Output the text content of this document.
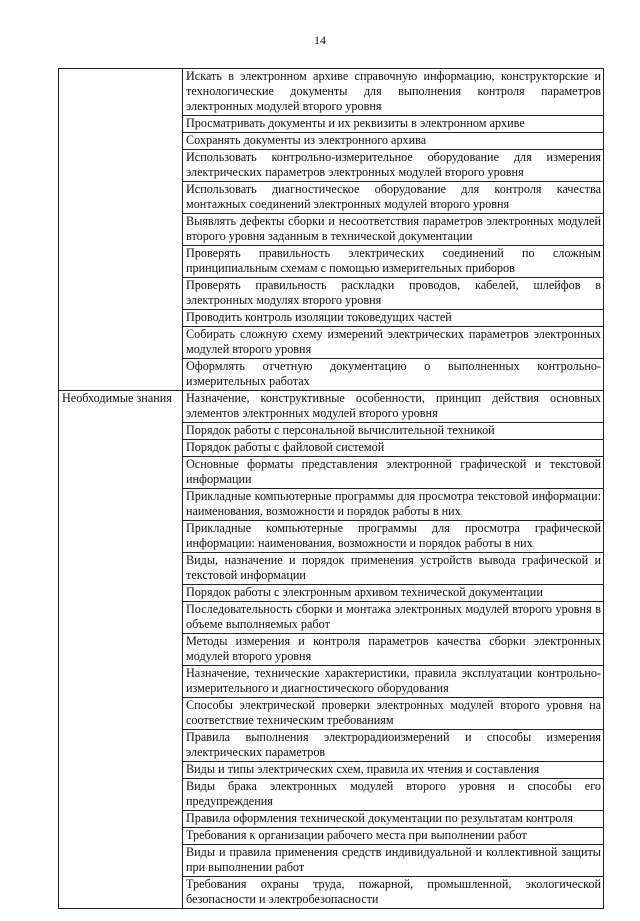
14

	Искать в электронном архиве справочную информацию, конструкторские и технологические документы для выполнения контроля параметров электронных модулей второго уровня

	Просматривать документы и их реквизиты в электронном архиве

	Сохранять документы из электронного архива

	Использовать контрольно-измерительное оборудование для измерения электрических параметров электронных модулей второго уровня

	Использовать диагностическое оборудование для контроля качества монтажных соединений электронных модулей второго уровня

	Выявлять дефекты сборки и несоответствия параметров электронных модулей второго уровня заданным в технической документации

	Проверять правильность электрических соединений по сложным принципиальным схемам с помощью измерительных приборов

	Проверять правильность раскладки проводов, кабелей, шлейфов в электронных модулях второго уровня

	Проводить контроль изоляции токоведущих частей

	Собирать сложную схему измерений электрических параметров электронных модулей второго уровня

	Оформлять отчетную документацию о выполненных контрольно-измерительных работах

Необходимые знания	Назначение, конструктивные особенности, принцип действия основных элементов электронных модулей второго уровня

	Порядок работы с персональной вычислительной техникой

	Порядок работы с файловой системой

	Основные форматы представления электронной графической и текстовой информации

	Прикладные компьютерные программы для просмотра текстовой информации: наименования, возможности и порядок работы в них

	Прикладные компьютерные программы для просмотра графической информации: наименования, возможности и порядок работы в них

	Виды, назначение и порядок применения устройств вывода графической и текстовой информации

	Порядок работы с электронным архивом технической документации

	Последовательность сборки и монтажа электронных модулей второго уровня в объеме выполняемых работ

	Методы измерения и контроля параметров качества сборки электронных модулей второго уровня

	Назначение, технические характеристики, правила эксплуатации контрольно-измерительного и диагностического оборудования

	Способы электрической проверки электронных модулей второго уровня на соответствие техническим требованиям

	Правила выполнения электрорадиоизмерений и способы измерения электрических параметров

	Виды и типы электрических схем, правила их чтения и составления

	Виды брака электронных модулей второго уровня и способы его предупреждения

	Правила оформления технической документации по результатам контроля

	Требования к организации рабочего места при выполнении работ

	Виды и правила применения средств индивидуальной и коллективной защиты при выполнении работ

	Требования охраны труда, пожарной, промышленной, экологической безопасности и электробезопасности
